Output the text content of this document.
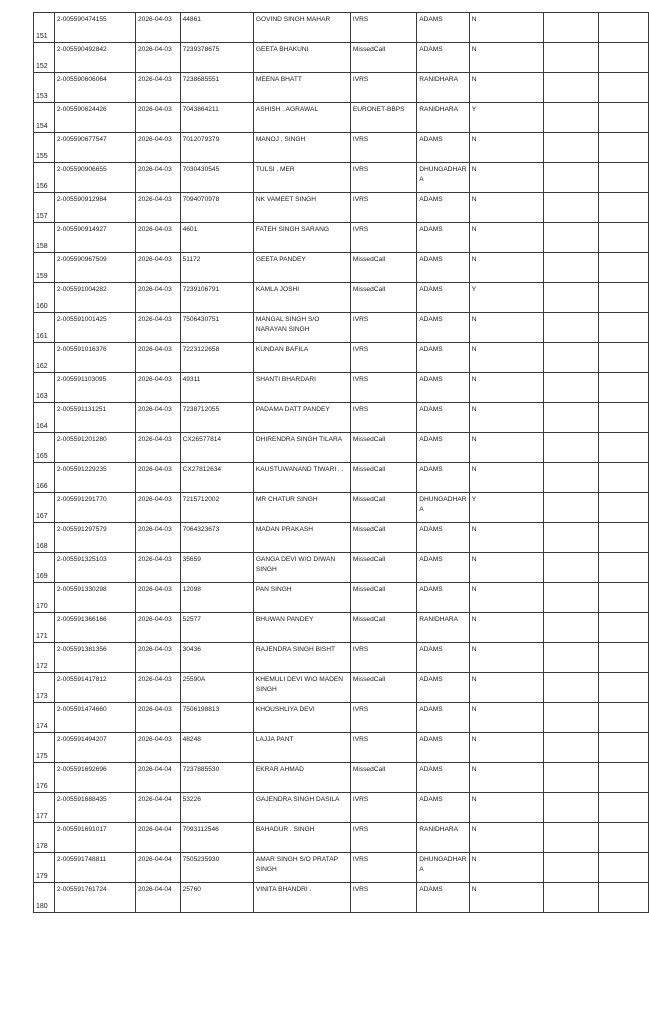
151	2-005590474155	2026-04-03	44861	GOVIND SINGH MAHAR	IVRS	ADAMS	N		
152	2-005590492842	2026-04-03	7239378675	GEETA BHAKUNI	MissedCall	ADAMS	N		
153	2-005590606064	2026-04-03	7238685551	MEENA BHATT	IVRS	RANIDHARA	N		
154	2-005590624426	2026-04-03	7043864211	ASHISH . AGRAWAL	EURONET-BBPS	RANIDHARA	Y		
155	2-005590677547	2026-04-03	7012079379	MANOJ . SINGH	IVRS	ADAMS	N		
156	2-005590906655	2026-04-03	7030430545	TULSI . MER	IVRS	DHUNGADHAR A	N		
157	2-005590912984	2026-04-03	7094070978	NK VAMEET SINGH	IVRS	ADAMS	N		
158	2-005590914927	2026-04-03	4601	FATEH SINGH SARANG	IVRS	ADAMS	N		
159	2-005590967509	2026-04-03	51172	GEETA PANDEY	MissedCall	ADAMS	N		
160	2-005591004282	2026-04-03	7239106791	KAMLA JOSHI	MissedCall	ADAMS	Y		
161	2-005591001425	2026-04-03	7506430751	MANGAL SINGH S/O NARAYAN SINGH	IVRS	ADAMS	N		
162	2-005591016376	2026-04-03	7223122658	KUNDAN BAFILA	IVRS	ADAMS	N		
163	2-005591103095	2026-04-03	49311	SHANTI BHARDARI	IVRS	ADAMS	N		
164	2-005591131251	2026-04-03	7238712055	PADAMA DATT PANDEY	IVRS	ADAMS	N		
165	2-005591201280	2026-04-03	CX26577814	DHIRENDRA SINGH TILARA	MissedCall	ADAMS	N		
166	2-005591229235	2026-04-03	CX27812634	KAUSTUWANAND TIWARI . .	MissedCall	ADAMS	N		
167	2-005591291770	2026-04-03	7215712002	MR CHATUR SINGH	MissedCall	DHUNGADHAR A	Y		
168	2-005591297579	2026-04-03	7064323673	MADAN PRAKASH	MissedCall	ADAMS	N		
169	2-005591325103	2026-04-03	35659	GANGA DEVI W/O DIWAN SINGH	MissedCall	ADAMS	N		
170	2-005591330298	2026-04-03	12098	PAN SINGH	MissedCall	ADAMS	N		
171	2-005591366166	2026-04-03	52577	BHUWAN PANDEY	MissedCall	RANIDHARA	N		
172	2-005591381356	2026-04-03	30436	RAJENDRA SINGH BISHT	IVRS	ADAMS	N		
173	2-005591417812	2026-04-03	25590A	KHEMULI DEVI W\O MADEN SINGH	MissedCall	ADAMS	N		
174	2-005591474660	2026-04-03	7506198813	KHOUSHLIYA DEVI	IVRS	ADAMS	N		
175	2-005591494207	2026-04-03	48248	LAJJA PANT	IVRS	ADAMS	N		
176	2-005591692696	2026-04-04	7237885530	EKRAR AHMAD	MissedCall	ADAMS	N		
177	2-005591688435	2026-04-04	53226	GAJENDRA SINGH DASILA	IVRS	ADAMS	N		
178	2-005591691017	2026-04-04	7093112546	BAHADUR . SINGH	IVRS	RANIDHARA	N		
179	2-005591748811	2026-04-04	7505235930	AMAR SINGH S/O PRATAP SINGH	IVRS	DHUNGADHAR A	N		
180	2-005591761724	2026-04-04	25760	VINITA BHANDRI .	IVRS	ADAMS	N		
